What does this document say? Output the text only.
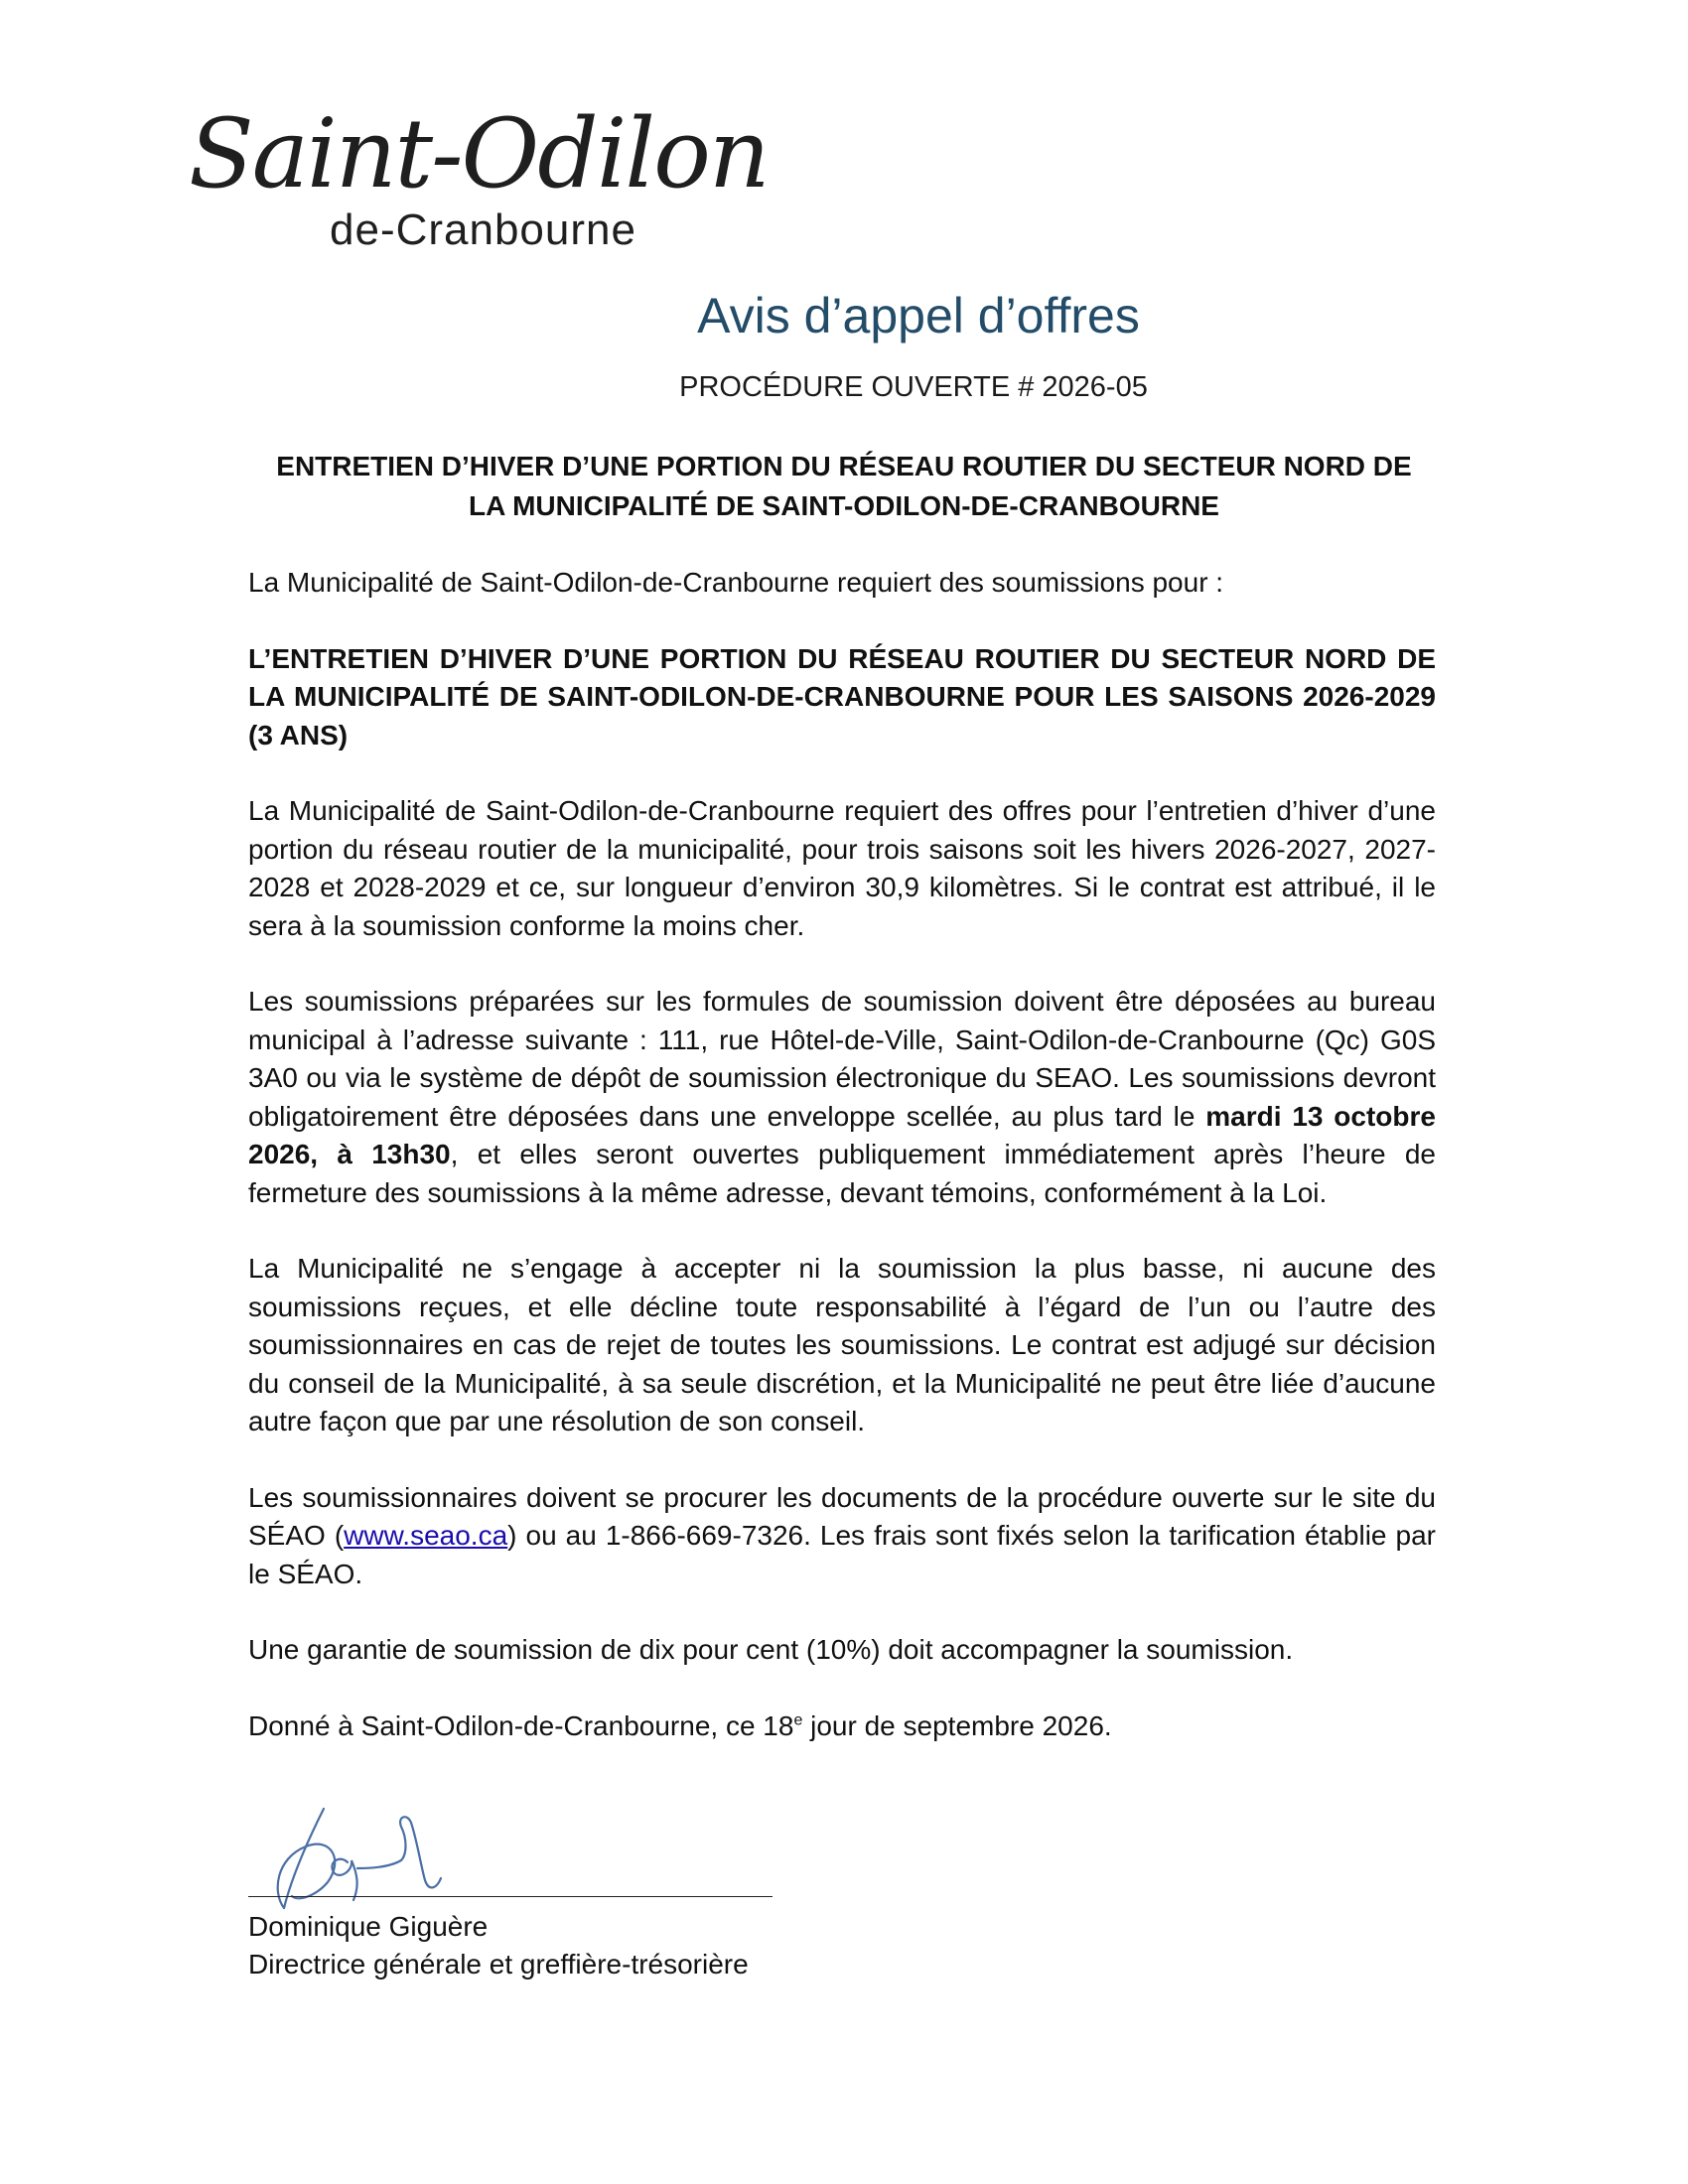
Saint-Odilon
de-Cranbourne
Avis d’appel d’offres
PROCÉDURE OUVERTE # 2026-05
ENTRETIEN D’HIVER D’UNE PORTION DU RÉSEAU ROUTIER DU SECTEUR NORD DE
LA MUNICIPALITÉ DE SAINT-ODILON-DE-CRANBOURNE

La Municipalité de Saint-Odilon-de-Cranbourne requiert des soumissions pour :

L’ENTRETIEN D’HIVER D’UNE PORTION DU RÉSEAU ROUTIER DU SECTEUR NORD DE LA MUNICIPALITÉ DE SAINT-ODILON-DE-CRANBOURNE POUR LES SAISONS 2026-2029 (3 ANS)

La Municipalité de Saint-Odilon-de-Cranbourne requiert des offres pour l’entretien d’hiver d’une portion du réseau routier de la municipalité, pour trois saisons soit les hivers 2026-2027, 2027-2028 et 2028-2029 et ce, sur longueur d’environ 30,9 kilomètres. Si le contrat est attribué, il le sera à la soumission conforme la moins cher.

Les soumissions préparées sur les formules de soumission doivent être déposées au bureau municipal à l’adresse suivante : 111, rue Hôtel-de-Ville, Saint-Odilon-de-Cranbourne (Qc) G0S 3A0 ou via le système de dépôt de soumission électronique du SEAO. Les soumissions devront obligatoirement être déposées dans une enveloppe scellée, au plus tard le mardi 13 octobre 2026, à 13h30, et elles seront ouvertes publiquement immédiatement après l’heure de fermeture des soumissions à la même adresse, devant témoins, conformément à la Loi.

La Municipalité ne s’engage à accepter ni la soumission la plus basse, ni aucune des soumissions reçues, et elle décline toute responsabilité à l’égard de l’un ou l’autre des soumissionnaires en cas de rejet de toutes les soumissions. Le contrat est adjugé sur décision du conseil de la Municipalité, à sa seule discrétion, et la Municipalité ne peut être liée d’aucune autre façon que par une résolution de son conseil.

Les soumissionnaires doivent se procurer les documents de la procédure ouverte sur le site du SÉAO (www.seao.ca) ou au 1-866-669-7326. Les frais sont fixés selon la tarification établie par le SÉAO.

Une garantie de soumission de dix pour cent (10%) doit accompagner la soumission.

Donné à Saint-Odilon-de-Cranbourne, ce 18e jour de septembre 2026.

Dominique Giguère
Directrice générale et greffière-trésorière
